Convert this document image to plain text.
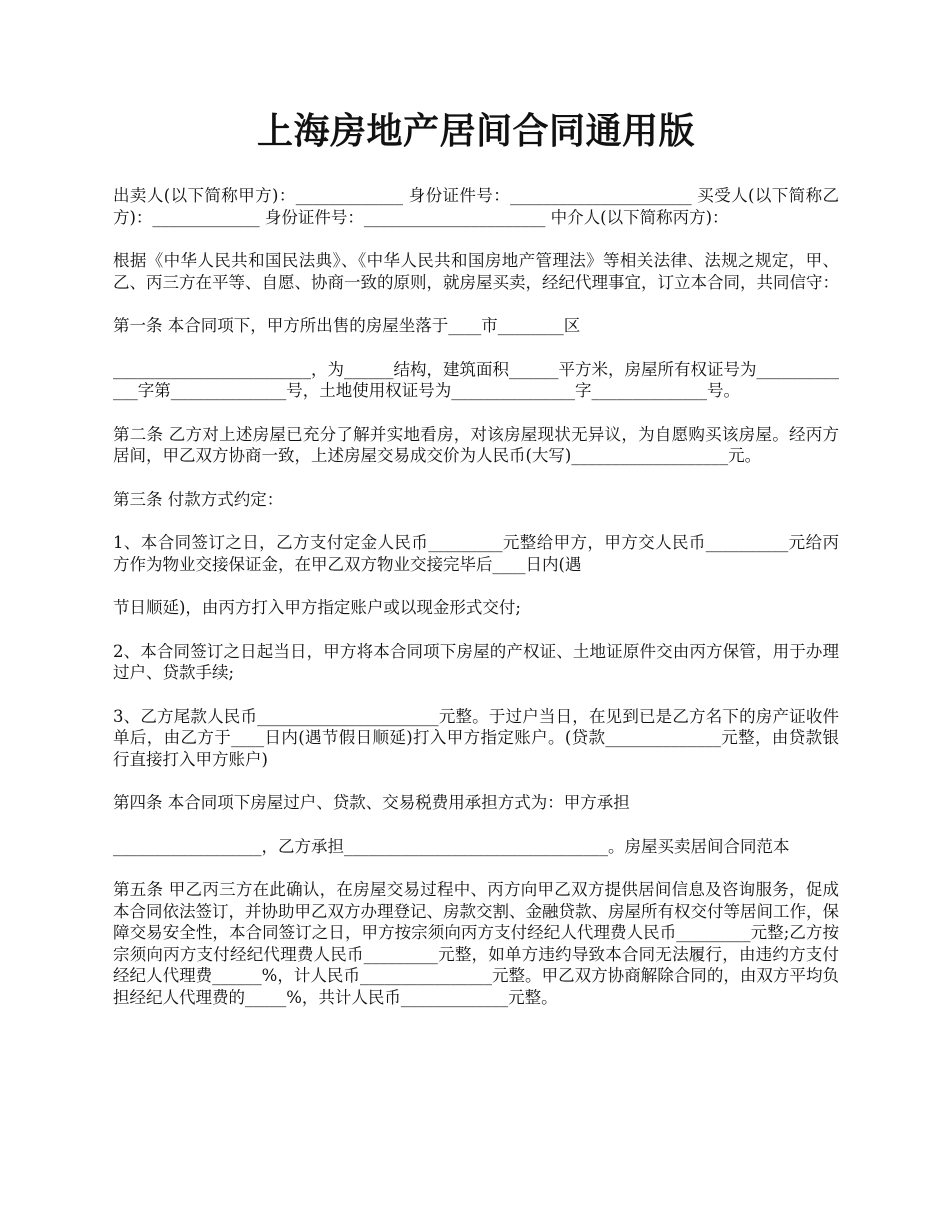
上海房地产居间合同通用版

出卖人(以下简称甲方)：_____________ 身份证件号：______________________ 买受人(以下简称乙方)：_____________ 身份证件号：______________________ 中介人(以下简称丙方)：

根据《中华人民共和国民法典》、《中华人民共和国房地产管理法》等相关法律、法规之规定，甲、乙、丙三方在平等、自愿、协商一致的原则，就房屋买卖，经纪代理事宜，订立本合同，共同信守：

第一条 本合同项下，甲方所出售的房屋坐落于____市________区

________________________，为______结构，建筑面积______平方米，房屋所有权证号为_____________字第______________号，土地使用权证号为_______________字______________号。

第二条 乙方对上述房屋已充分了解并实地看房，对该房屋现状无异议，为自愿购买该房屋。经丙方居间，甲乙双方协商一致，上述房屋交易成交价为人民币(大写)___________________元。

第三条 付款方式约定：

1、本合同签订之日，乙方支付定金人民币_________元整给甲方，甲方交人民币__________元给丙方作为物业交接保证金，在甲乙双方物业交接完毕后____日内(遇

节日顺延)，由丙方打入甲方指定账户或以现金形式交付;

2、本合同签订之日起当日，甲方将本合同项下房屋的产权证、土地证原件交由丙方保管，用于办理过户、贷款手续;

3、乙方尾款人民币______________________元整。于过户当日，在见到已是乙方名下的房产证收件单后，由乙方于____日内(遇节假日顺延)打入甲方指定账户。(贷款______________元整，由贷款银行直接打入甲方账户)

第四条 本合同项下房屋过户、贷款、交易税费用承担方式为：甲方承担

__________________，乙方承担________________________________。房屋买卖居间合同范本

第五条 甲乙丙三方在此确认，在房屋交易过程中、丙方向甲乙双方提供居间信息及咨询服务，促成本合同依法签订，并协助甲乙双方办理登记、房款交割、金融贷款、房屋所有权交付等居间工作，保障交易安全性，本合同签订之日，甲方按宗须向丙方支付经纪人代理费人民币_________元整;乙方按宗须向丙方支付经纪代理费人民币_________元整，如单方违约导致本合同无法履行，由违约方支付经纪人代理费______%，计人民币________________元整。甲乙双方协商解除合同的，由双方平均负担经纪人代理费的_____%，共计人民币_____________元整。
